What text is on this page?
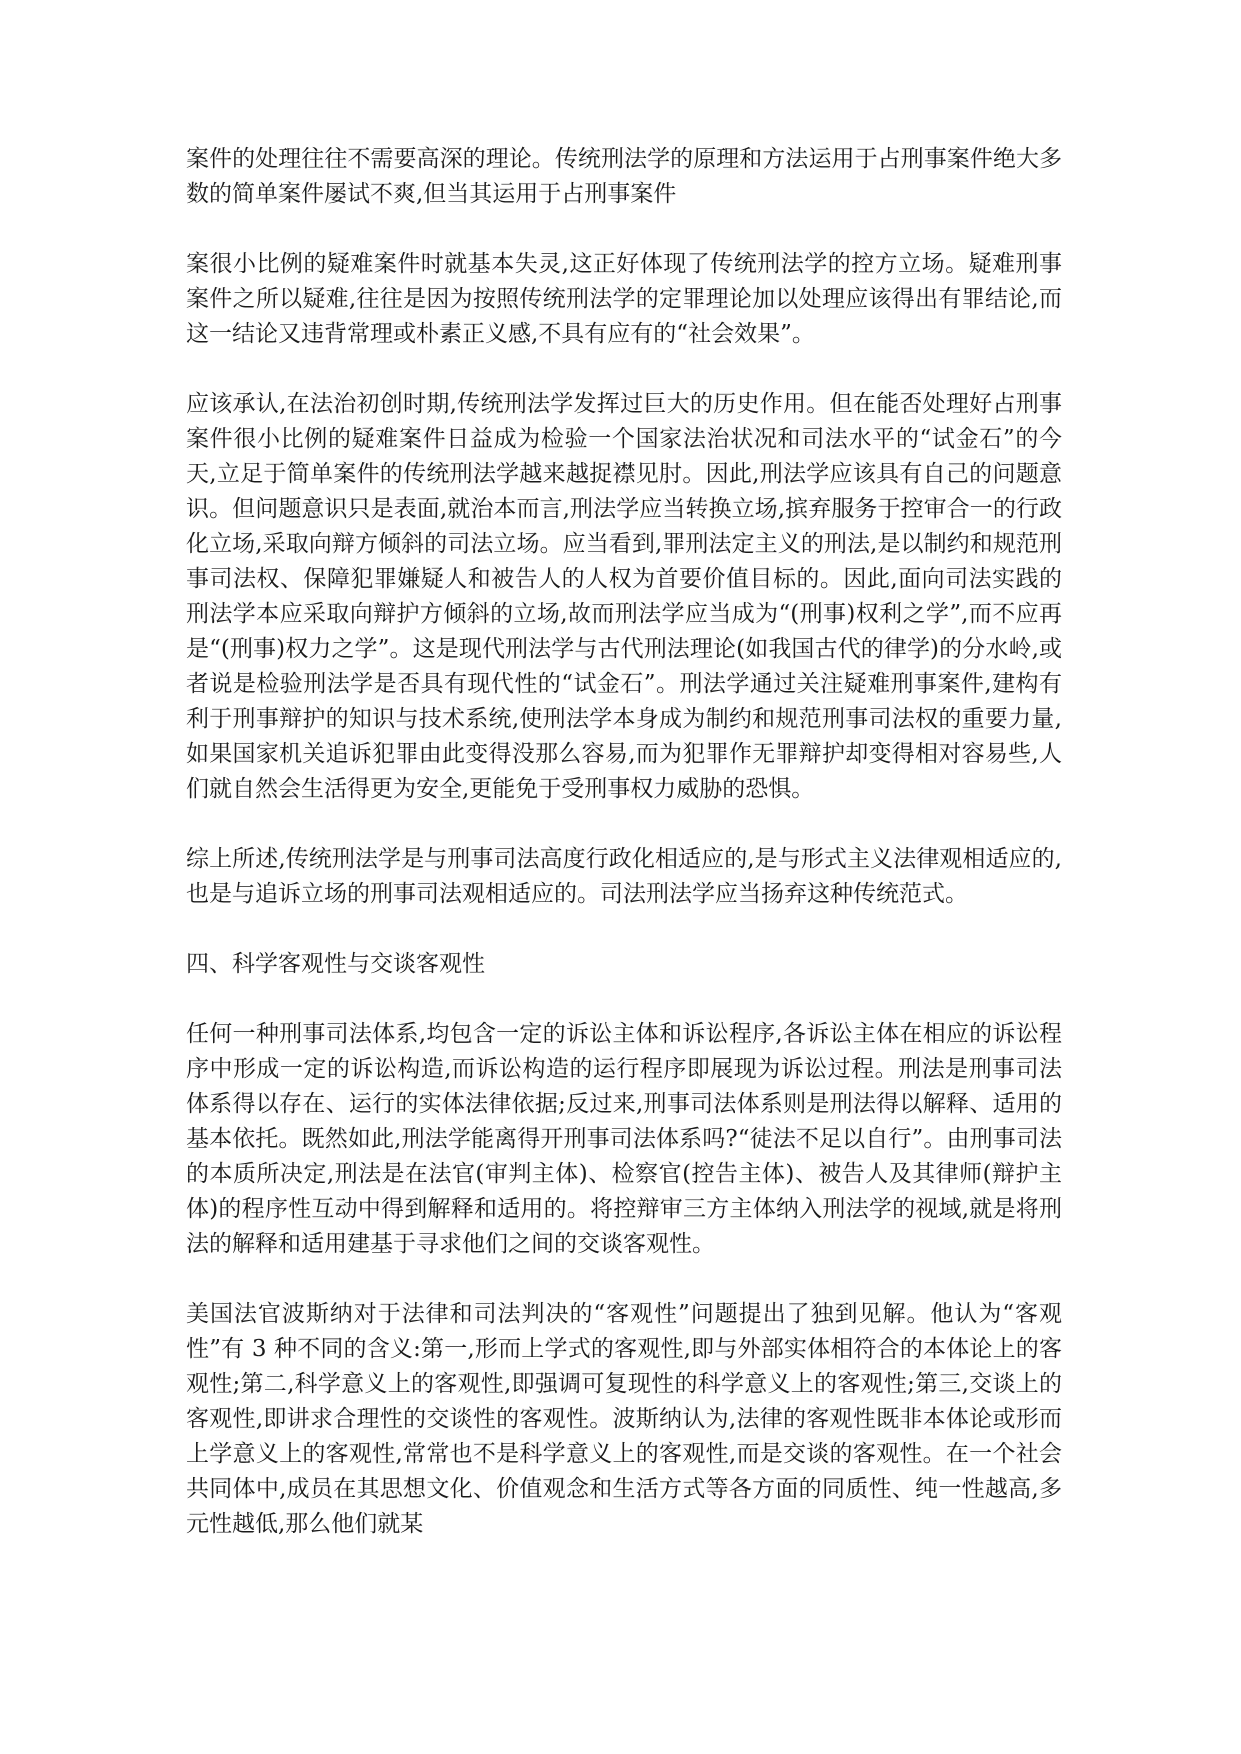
案件的处理往往不需要高深的理论。传统刑法学的原理和方法运用于占刑事案件绝大多数的简单案件屡试不爽,但当其运用于占刑事案件

案很小比例的疑难案件时就基本失灵,这正好体现了传统刑法学的控方立场。疑难刑事案件之所以疑难,往往是因为按照传统刑法学的定罪理论加以处理应该得出有罪结论,而这一结论又违背常理或朴素正义感,不具有应有的“社会效果”。

应该承认,在法治初创时期,传统刑法学发挥过巨大的历史作用。但在能否处理好占刑事案件很小比例的疑难案件日益成为检验一个国家法治状况和司法水平的“试金石”的今天,立足于简单案件的传统刑法学越来越捉襟见肘。因此,刑法学应该具有自己的问题意识。但问题意识只是表面,就治本而言,刑法学应当转换立场,摈弃服务于控审合一的行政化立场,采取向辩方倾斜的司法立场。应当看到,罪刑法定主义的刑法,是以制约和规范刑事司法权、保障犯罪嫌疑人和被告人的人权为首要价值目标的。因此,面向司法实践的刑法学本应采取向辩护方倾斜的立场,故而刑法学应当成为“(刑事)权利之学”,而不应再是“(刑事)权力之学”。这是现代刑法学与古代刑法理论(如我国古代的律学)的分水岭,或者说是检验刑法学是否具有现代性的“试金石”。刑法学通过关注疑难刑事案件,建构有利于刑事辩护的知识与技术系统,使刑法学本身成为制约和规范刑事司法权的重要力量,如果国家机关追诉犯罪由此变得没那么容易,而为犯罪作无罪辩护却变得相对容易些,人们就自然会生活得更为安全,更能免于受刑事权力威胁的恐惧。

综上所述,传统刑法学是与刑事司法高度行政化相适应的,是与形式主义法律观相适应的,也是与追诉立场的刑事司法观相适应的。司法刑法学应当扬弃这种传统范式。

四、科学客观性与交谈客观性

任何一种刑事司法体系,均包含一定的诉讼主体和诉讼程序,各诉讼主体在相应的诉讼程序中形成一定的诉讼构造,而诉讼构造的运行程序即展现为诉讼过程。刑法是刑事司法体系得以存在、运行的实体法律依据;反过来,刑事司法体系则是刑法得以解释、适用的基本依托。既然如此,刑法学能离得开刑事司法体系吗?“徒法不足以自行”。由刑事司法的本质所决定,刑法是在法官(审判主体)、检察官(控告主体)、被告人及其律师(辩护主体)的程序性互动中得到解释和适用的。将控辩审三方主体纳入刑法学的视域,就是将刑法的解释和适用建基于寻求他们之间的交谈客观性。

美国法官波斯纳对于法律和司法判决的“客观性”问题提出了独到见解。他认为“客观性”有 3 种不同的含义:第一,形而上学式的客观性,即与外部实体相符合的本体论上的客观性;第二,科学意义上的客观性,即强调可复现性的科学意义上的客观性;第三,交谈上的客观性,即讲求合理性的交谈性的客观性。波斯纳认为,法律的客观性既非本体论或形而上学意义上的客观性,常常也不是科学意义上的客观性,而是交谈的客观性。在一个社会共同体中,成员在其思想文化、价值观念和生活方式等各方面的同质性、纯一性越高,多元性越低,那么他们就某
